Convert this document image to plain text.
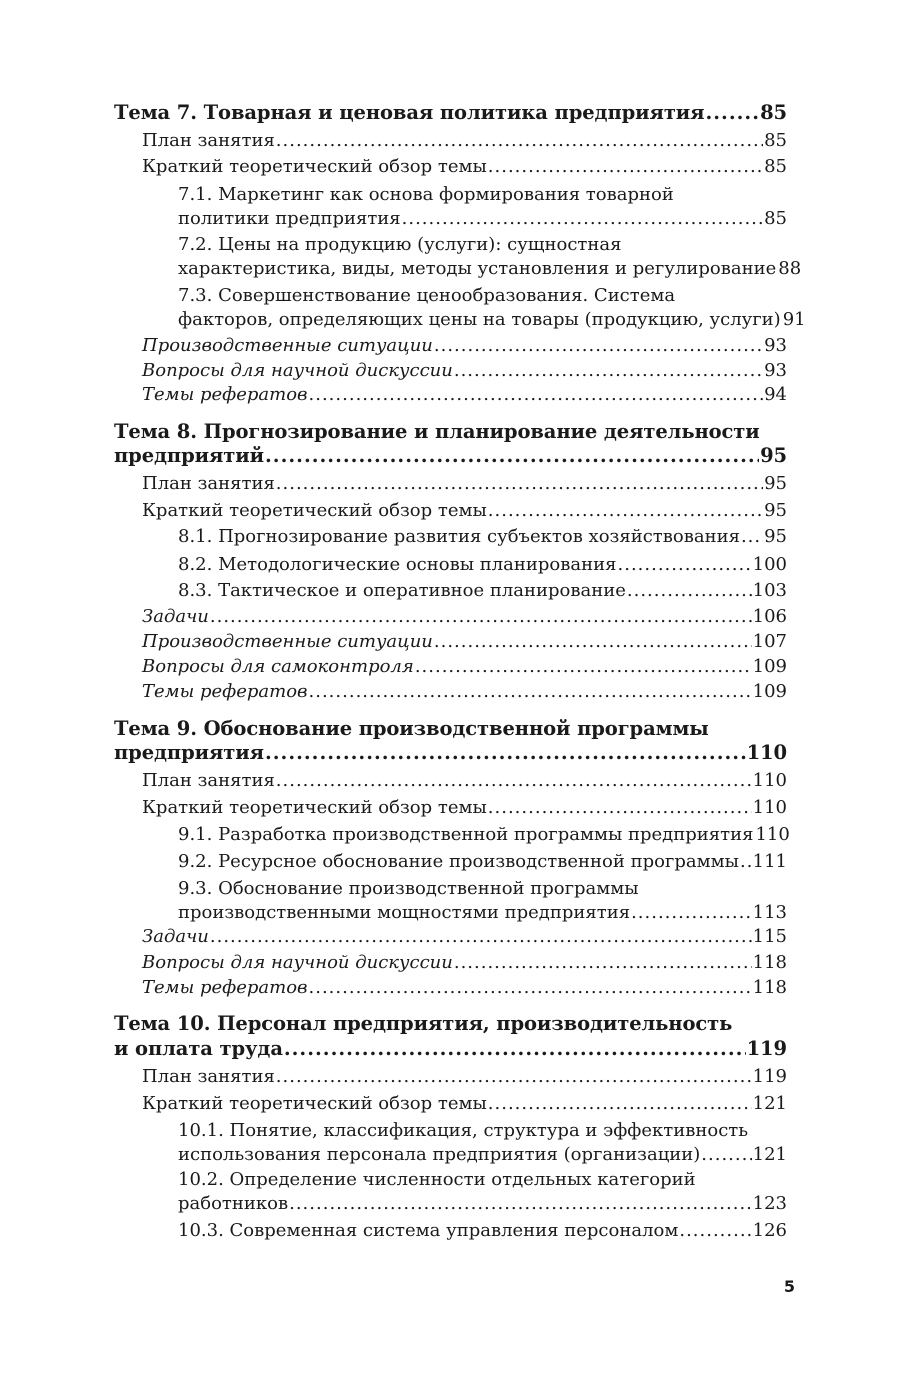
Тема 7. Товарная и ценовая политика предприятия .....	85
План занятия .....	85
Краткий теоретический обзор темы .....	85
7.1. Маркетинг как основа формирования товарной
политики предприятия .....	85
7.2. Цены на продукцию (услуги): сущностная
характеристика, виды, методы установления и регулирование 88
7.3. Совершенствование ценообразования. Система
факторов, определяющих цены на товары (продукцию, услуги) 91
Производственные ситуации .....	93
Вопросы для научной дискуссии .....	93
Темы рефератов .....	94
Тема 8. Прогнозирование и планирование деятельности
предприятий .....	95
План занятия .....	95
Краткий теоретический обзор темы .....	95
8.1. Прогнозирование развития субъектов хозяйствования ..... 95
8.2. Методологические основы планирования .....	100
8.3. Тактическое и оперативное планирование .....	103
Задачи .....	106
Производственные ситуации .....	107
Вопросы для самоконтроля .....	109
Темы рефератов .....	109
Тема 9. Обоснование производственной программы
предприятия .....	110
План занятия .....	110
Краткий теоретический обзор темы .....	110
9.1. Разработка производственной программы предприятия 110
9.2. Ресурсное обоснование производственной программы ..... 111
9.3. Обоснование производственной программы
производственными мощностями предприятия .....	113
Задачи .....	115
Вопросы для научной дискуссии .....	118
Темы рефератов .....	118
Тема 10. Персонал предприятия, производительность
и оплата труда .....	119
План занятия .....	119
Краткий теоретический обзор темы .....	121
10.1. Понятие, классификация, структура и эффективность
использования персонала предприятия (организации) .....	121
10.2. Определение численности отдельных категорий
работников .....	123
10.3. Современная система управления персоналом .....	126
5
